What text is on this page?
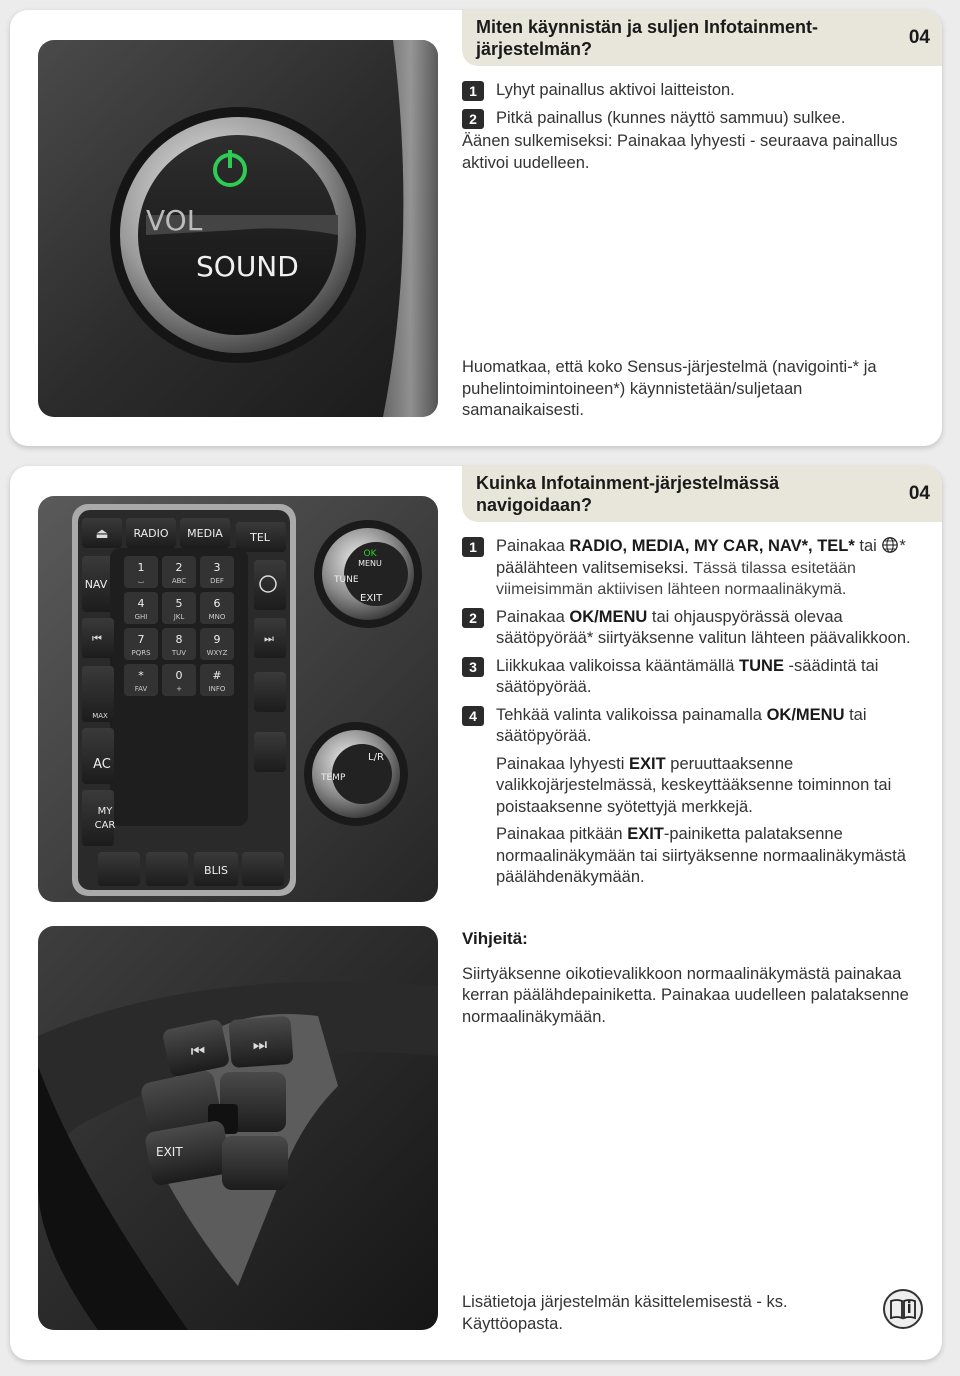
VOL
SOUND
Miten käynnistän ja suljen Infotainment-järjestelmän?
04
1	Lyhyt painallus aktivoi laitteiston.
2	Pitkä painallus (kunnes näyttö sammuu) sulkee.
Äänen sulkemiseksi: Painakaa lyhyesti - seuraava painallus aktivoi uudelleen.
Huomatkaa, että koko Sensus-järjestelmä (navigointi-* ja puhelintoimintoineen*) käynnistetään/suljetaan samanaikaisesti.
⏏ RADIO MEDIA TEL
NAV
1
⌴
2
ABC
3
DEF
4
GHI
5
JKL
6
MNO
7
PQRS
8
TUV
9
WXYZ
*
FAV
0
+
#
INFO
⏮	⏭
MAX
AC
MY
CAR
BLIS
OK
MENU
TUNE
EXIT
L/R
TEMP
⏮	⏭
EXIT
Kuinka Infotainment-järjestelmässä navigoidaan?
04
1	Painakaa RADIO, MEDIA, MY CAR, NAV*, TEL* tai * päälähteen valitsemiseksi. Tässä tilassa esitetään viimeisimmän aktiivisen lähteen normaalinäkymä.
2	Painakaa OK/MENU tai ohjauspyörässä olevaa säätöpyörää* siirtyäksenne valitun lähteen päävalikkoon.
3	Liikkukaa valikoissa kääntämällä TUNE -säädintä tai säätöpyörää.
4	Tehkää valinta valikoissa painamalla OK/MENU tai säätöpyörää.
Painakaa lyhyesti EXIT peruuttaaksenne valikkojärjestelmässä, keskeyttääksenne toiminnon tai poistaaksenne syötettyjä merkkejä.
Painakaa pitkään EXIT-painiketta palataksenne normaalinäkymään tai siirtyäksenne normaalinäkymästä päälähdenäkymään.
Vihjeitä:
Siirtyäksenne oikotievalikkoon normaalinäkymästä painakaa kerran päälähdepainiketta. Painakaa uudelleen palataksenne normaalinäkymään.
Lisätietoja järjestelmän käsittelemisestä - ks. Käyttöopasta.
